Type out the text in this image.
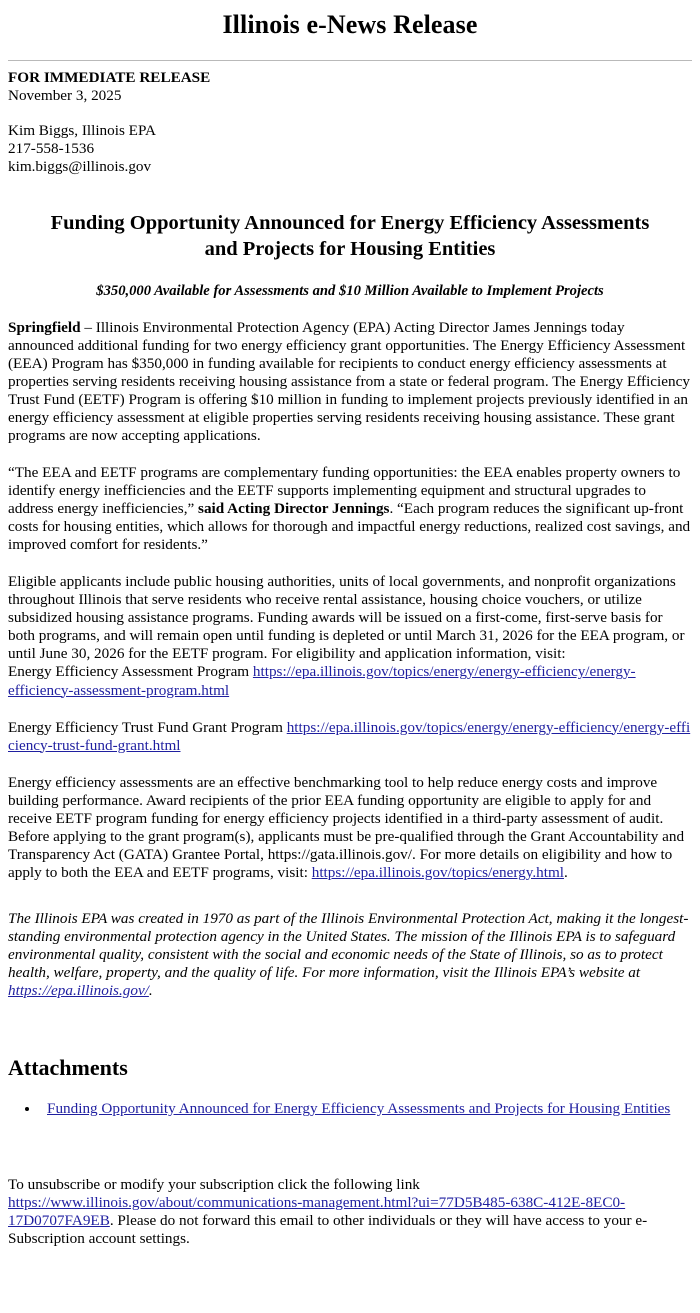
Illinois e-News Release
FOR IMMEDIATE RELEASE
November 3, 2025
Kim Biggs, Illinois EPA
217-558-1536
kim.biggs@illinois.gov
Funding Opportunity Announced for Energy Efficiency Assessments and Projects for Housing Entities
$350,000 Available for Assessments and $10 Million Available to Implement Projects

Springfield – Illinois Environmental Protection Agency (EPA) Acting Director James Jennings today announced additional funding for two energy efficiency grant opportunities. The Energy Efficiency Assessment (EEA) Program has $350,000 in funding available for recipients to conduct energy efficiency assessments at properties serving residents receiving housing assistance from a state or federal program. The Energy Efficiency Trust Fund (EETF) Program is offering $10 million in funding to implement projects previously identified in an energy efficiency assessment at eligible properties serving residents receiving housing assistance. These grant programs are now accepting applications.

“The EEA and EETF programs are complementary funding opportunities: the EEA enables property owners to identify energy inefficiencies and the EETF supports implementing equipment and structural upgrades to address energy inefficiencies,” said Acting Director Jennings. “Each program reduces the significant up-front costs for housing entities, which allows for thorough and impactful energy reductions, realized cost savings, and improved comfort for residents.”

Eligible applicants include public housing authorities, units of local governments, and nonprofit organizations throughout Illinois that serve residents who receive rental assistance, housing choice vouchers, or utilize subsidized housing assistance programs. Funding awards will be issued on a first-come, first-serve basis for both programs, and will remain open until funding is depleted or until March 31, 2026 for the EEA program, or until June 30, 2026 for the EETF program. For eligibility and application information, visit:

Energy Efficiency Assessment Program https://epa.illinois.gov/topics/energy/energy-efficiency/energy-efficiency-assessment-program.html

Energy Efficiency Trust Fund Grant Program https://epa.illinois.gov/topics/energy/energy-efficiency/energy-effi ciency-trust-fund-grant.html

Energy efficiency assessments are an effective benchmarking tool to help reduce energy costs and improve building performance. Award recipients of the prior EEA funding opportunity are eligible to apply for and receive EETF program funding for energy efficiency projects identified in a third-party assessment of audit.

Before applying to the grant program(s), applicants must be pre-qualified through the Grant Accountability and Transparency Act (GATA) Grantee Portal, https://gata.illinois.gov/. For more details on eligibility and how to apply to both the EEA and EETF programs, visit: https://epa.illinois.gov/topics/energy.html.

The Illinois EPA was created in 1970 as part of the Illinois Environmental Protection Act, making it the longest-standing environmental protection agency in the United States. The mission of the Illinois EPA is to safeguard environmental quality, consistent with the social and economic needs of the State of Illinois, so as to protect health, welfare, property, and the quality of life. For more information, visit the Illinois EPA’s website at https://epa.illinois.gov/.

Attachments
• Funding Opportunity Announced for Energy Efficiency Assessments and Projects for Housing Entities

To unsubscribe or modify your subscription click the following link https://www.illinois.gov/about/communications-management.html?ui=77D5B485-638C-412E-8EC0-17D0707FA9EB. Please do not forward this email to other individuals or they will have access to your e-Subscription account settings.
